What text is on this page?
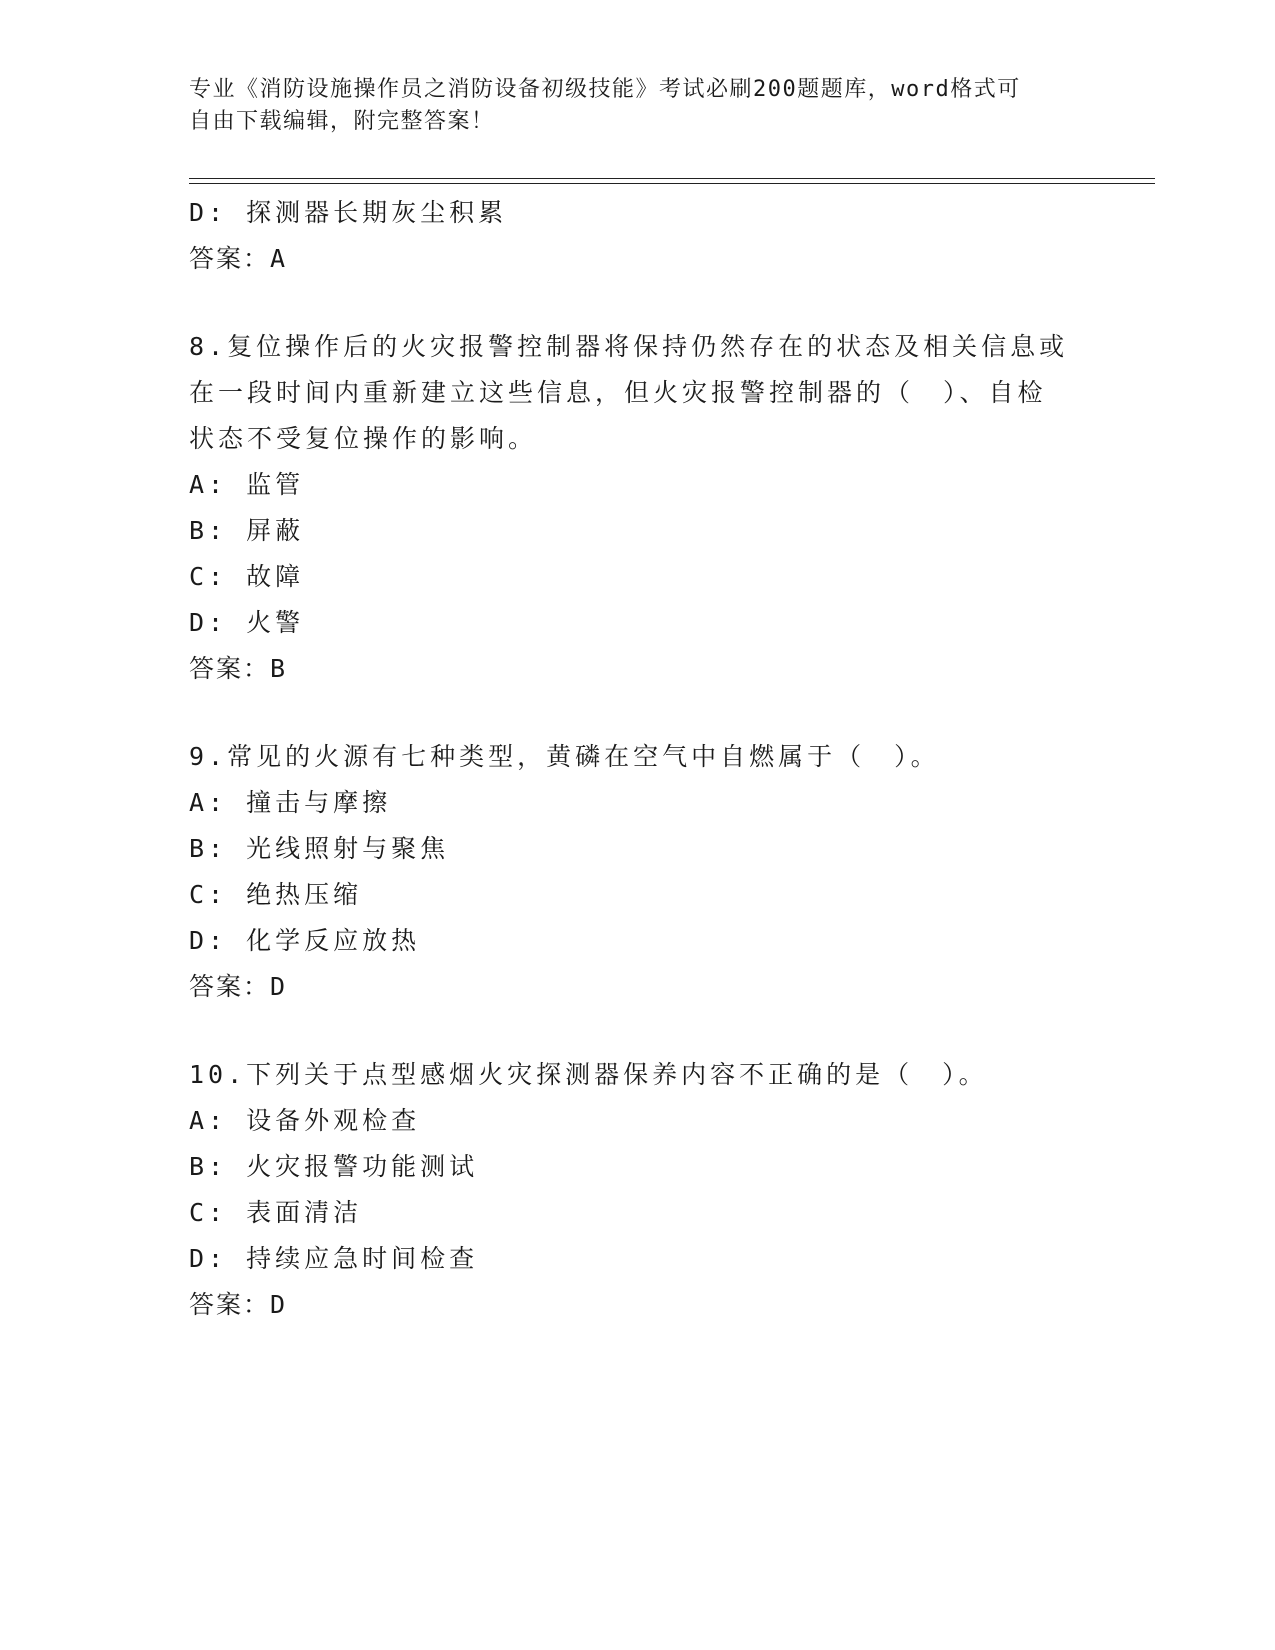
专业《消防设施操作员之消防设备初级技能》考试必刷200题题库，word格式可
自由下载编辑，附完整答案！
D: 探测器长期灰尘积累
答案：A
8.复位操作后的火灾报警控制器将保持仍然存在的状态及相关信息或
在一段时间内重新建立这些信息，但火灾报警控制器的（　）、自检
状态不受复位操作的影响。
A: 监管
B: 屏蔽
C: 故障
D: 火警
答案：B
9.常见的火源有七种类型，黄磷在空气中自燃属于（　）。
A: 撞击与摩擦
B: 光线照射与聚焦
C: 绝热压缩
D: 化学反应放热
答案：D
10.下列关于点型感烟火灾探测器保养内容不正确的是（　）。
A: 设备外观检查
B: 火灾报警功能测试
C: 表面清洁
D: 持续应急时间检查
答案：D
